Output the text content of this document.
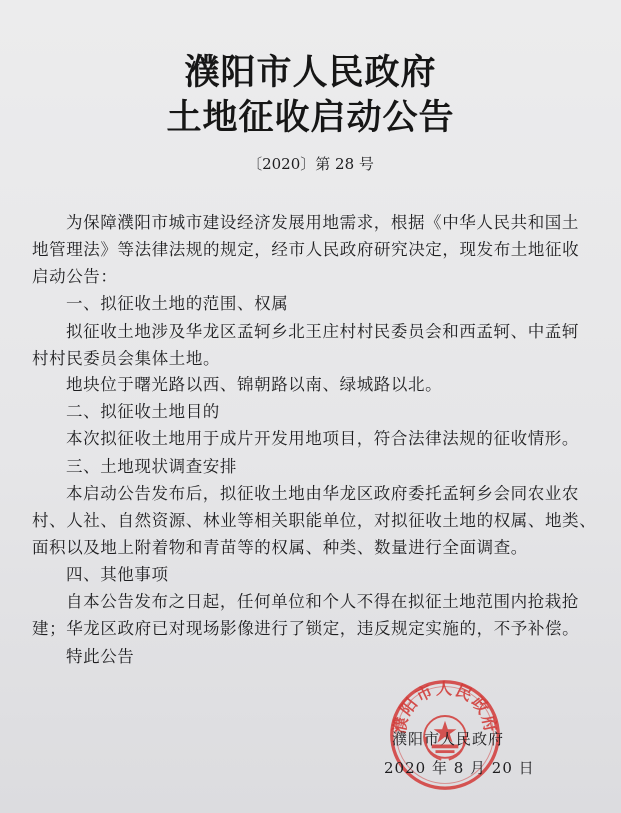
濮阳市人民政府
土地征收启动公告
〔2020〕第 28 号
为保障濮阳市城市建设经济发展用地需求，根据《中华人民共和国土
地管理法》等法律法规的规定，经市人民政府研究决定，现发布土地征收
启动公告：
一、拟征收土地的范围、权属
拟征收土地涉及华龙区孟轲乡北王庄村村民委员会和西孟轲、中孟轲
村村民委员会集体土地。
地块位于曙光路以西、锦朝路以南、绿城路以北。
二、拟征收土地目的
本次拟征收土地用于成片开发用地项目，符合法律法规的征收情形。
三、土地现状调查安排
本启动公告发布后，拟征收土地由华龙区政府委托孟轲乡会同农业农
村、人社、自然资源、林业等相关职能单位，对拟征收土地的权属、地类、
面积以及地上附着物和青苗等的权属、种类、数量进行全面调查。
四、其他事项
自本公告发布之日起，任何单位和个人不得在拟征土地范围内抢栽抢
建；华龙区政府已对现场影像进行了锁定，违反规定实施的，不予补偿。
特此公告
濮阳市人民政府
濮阳市人民政府
2020 年 8 月 20 日
